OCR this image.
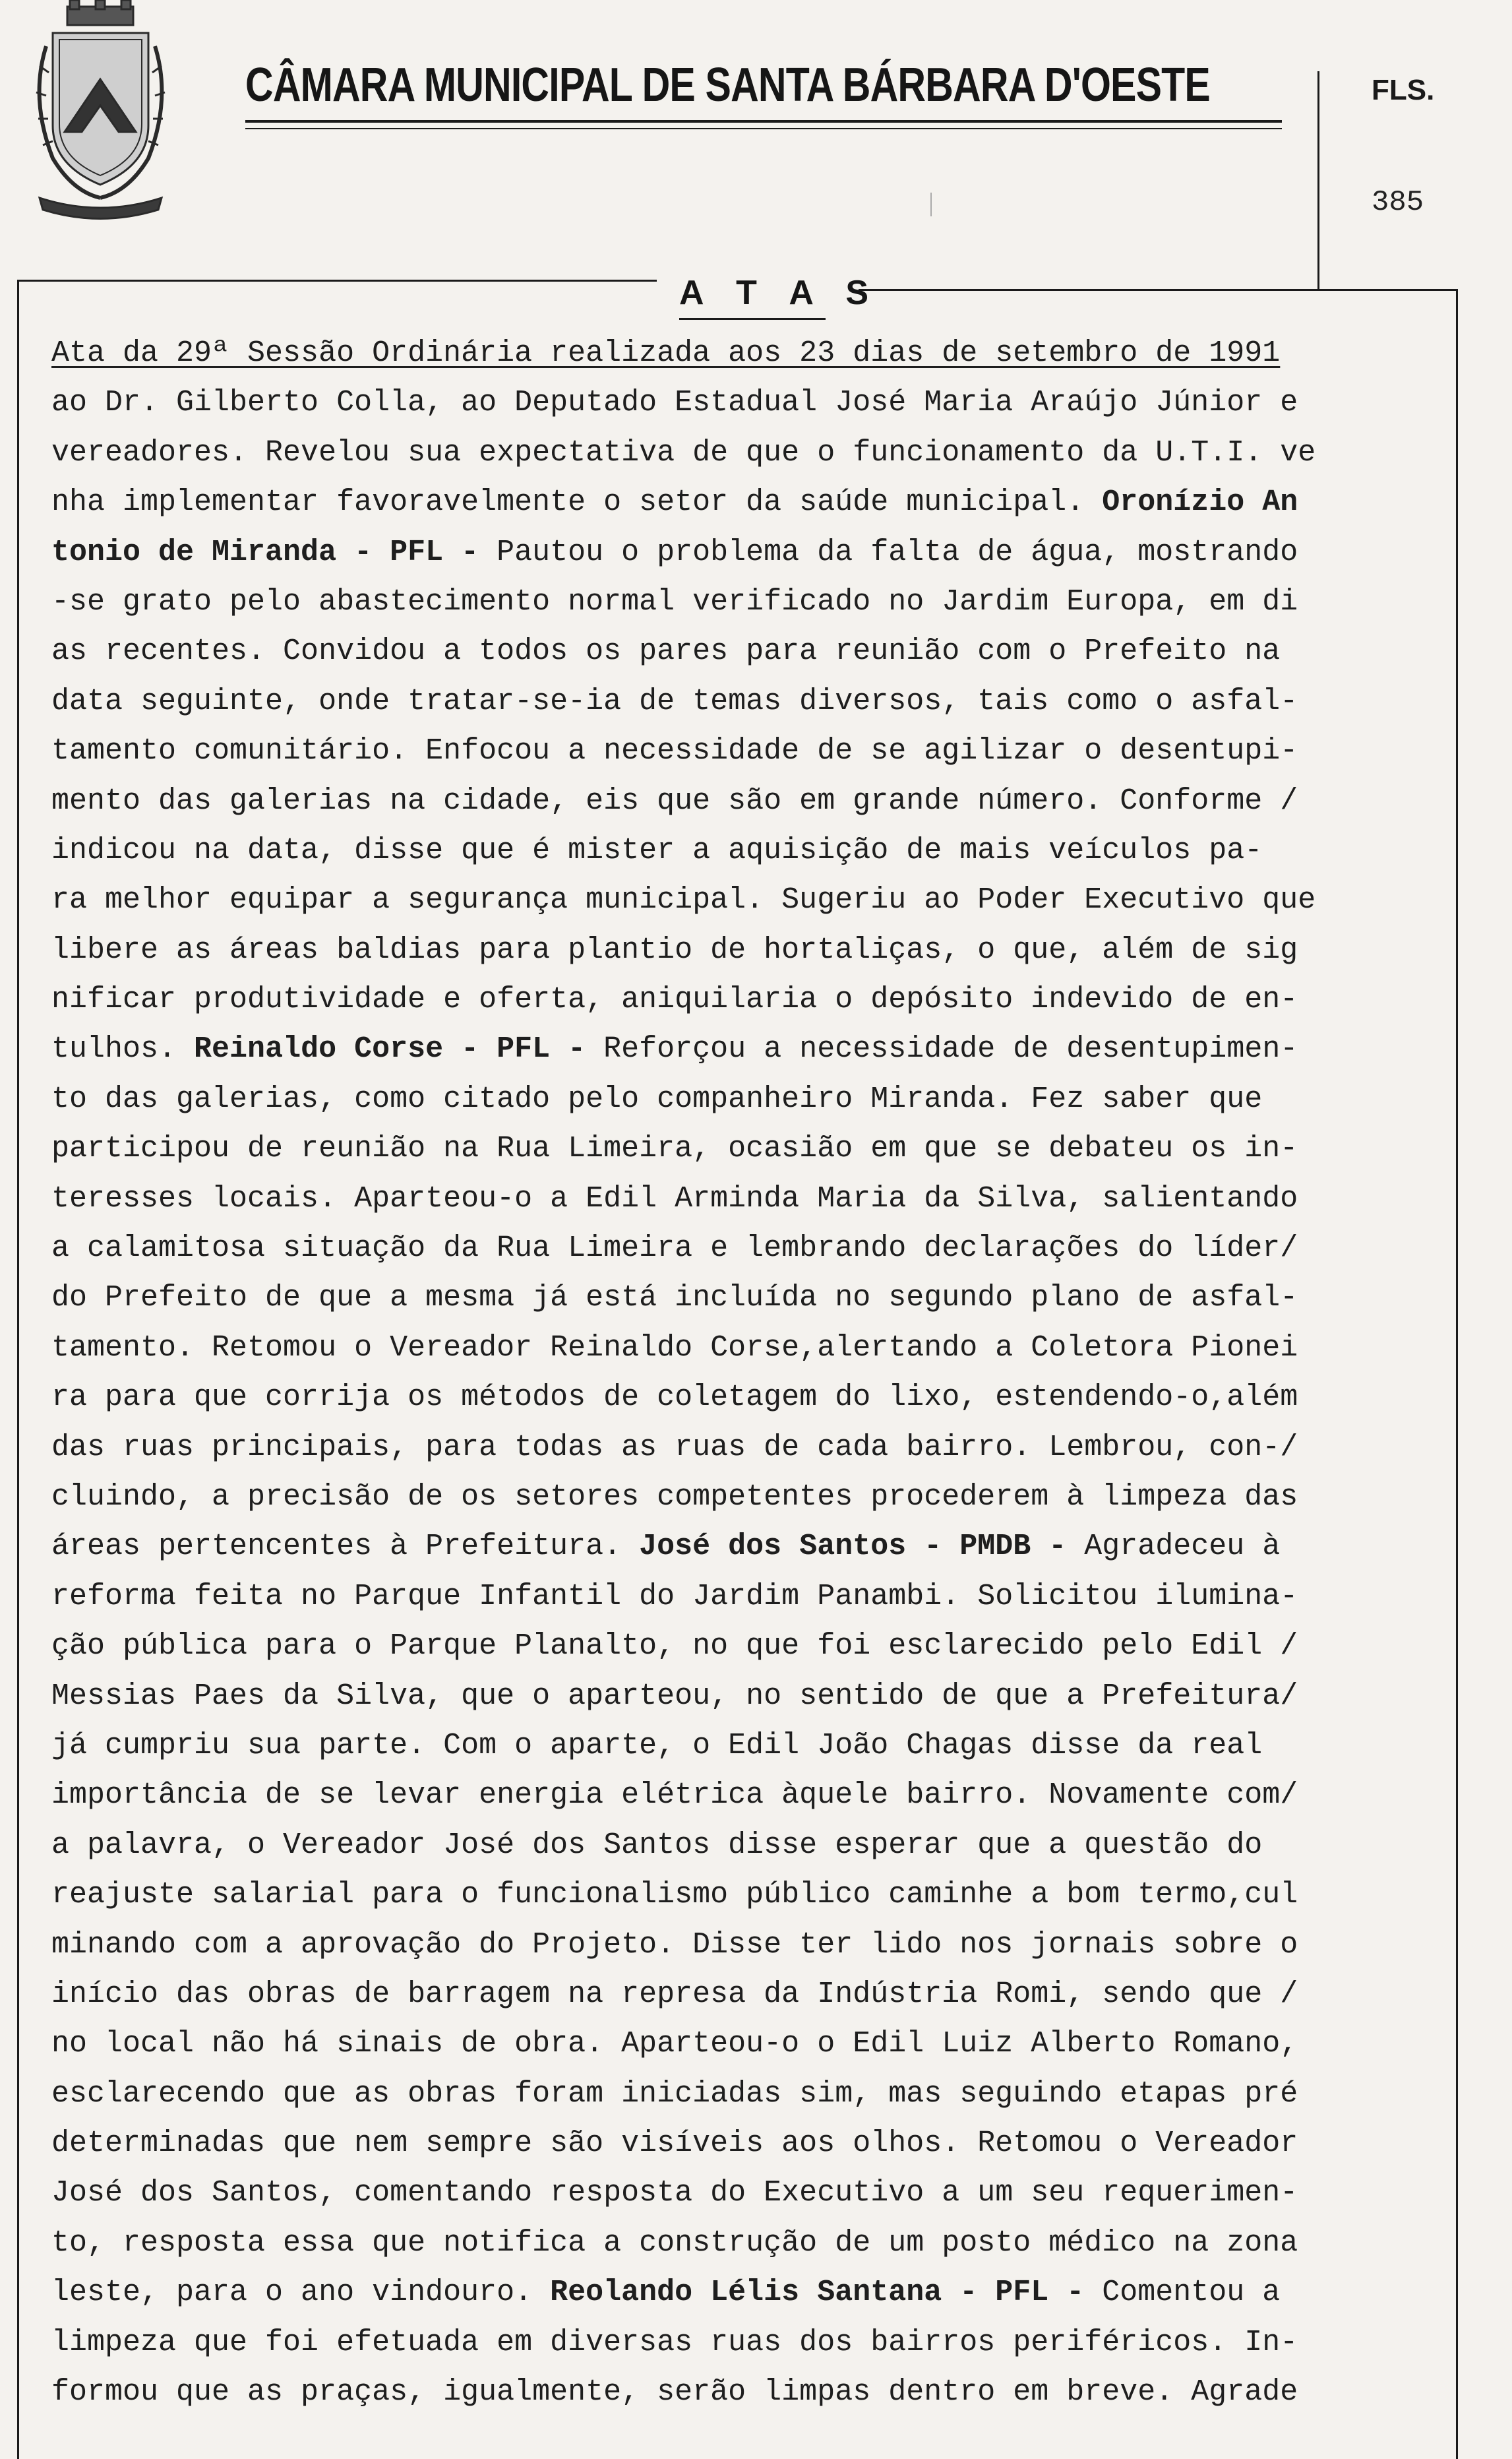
CÂMARA MUNICIPAL DE SANTA BÁRBARA D'OESTE	FLS.
385
A T A S
Ata da 29ª Sessão Ordinária realizada aos 23 dias de setembro de 1991
ao Dr. Gilberto Colla, ao Deputado Estadual José Maria Araújo Júnior e
vereadores. Revelou sua expectativa de que o funcionamento da U.T.I. ve
nha implementar favoravelmente o setor da saúde municipal. Oronízio An
tonio de Miranda - PFL - Pautou o problema da falta de água, mostrando
-se grato pelo abastecimento normal verificado no Jardim Europa, em di
as recentes. Convidou a todos os pares para reunião com o Prefeito na
data seguinte, onde tratar-se-ia de temas diversos, tais como o asfal-
tamento comunitário. Enfocou a necessidade de se agilizar o desentupi-
mento das galerias na cidade, eis que são em grande número. Conforme /
indicou na data, disse que é mister a aquisição de mais veículos pa-
ra melhor equipar a segurança municipal. Sugeriu ao Poder Executivo que
libere as áreas baldias para plantio de hortaliças, o que, além de sig
nificar produtividade e oferta, aniquilaria o depósito indevido de en-
tulhos. Reinaldo Corse - PFL - Reforçou a necessidade de desentupimen-
to das galerias, como citado pelo companheiro Miranda. Fez saber que
participou de reunião na Rua Limeira, ocasião em que se debateu os in-
teresses locais. Aparteou-o a Edil Arminda Maria da Silva, salientando
a calamitosa situação da Rua Limeira e lembrando declarações do líder/
do Prefeito de que a mesma já está incluída no segundo plano de asfal-
tamento. Retomou o Vereador Reinaldo Corse,alertando a Coletora Pionei
ra para que corrija os métodos de coletagem do lixo, estendendo-o,além
das ruas principais, para todas as ruas de cada bairro. Lembrou, con-/
cluindo, a precisão de os setores competentes procederem à limpeza das
áreas pertencentes à Prefeitura. José dos Santos - PMDB - Agradeceu à
reforma feita no Parque Infantil do Jardim Panambi. Solicitou ilumina-
ção pública para o Parque Planalto, no que foi esclarecido pelo Edil /
Messias Paes da Silva, que o aparteou, no sentido de que a Prefeitura/
já cumpriu sua parte. Com o aparte, o Edil João Chagas disse da real
importância de se levar energia elétrica àquele bairro. Novamente com/
a palavra, o Vereador José dos Santos disse esperar que a questão do
reajuste salarial para o funcionalismo público caminhe a bom termo,cul
minando com a aprovação do Projeto. Disse ter lido nos jornais sobre o
início das obras de barragem na represa da Indústria Romi, sendo que /
no local não há sinais de obra. Aparteou-o o Edil Luiz Alberto Romano,
esclarecendo que as obras foram iniciadas sim, mas seguindo etapas pré
determinadas que nem sempre são visíveis aos olhos. Retomou o Vereador
José dos Santos, comentando resposta do Executivo a um seu requerimen-
to, resposta essa que notifica a construção de um posto médico na zona
leste, para o ano vindouro. Reolando Lélis Santana - PFL - Comentou a
limpeza que foi efetuada em diversas ruas dos bairros periféricos. In-
formou que as praças, igualmente, serão limpas dentro em breve. Agrade
